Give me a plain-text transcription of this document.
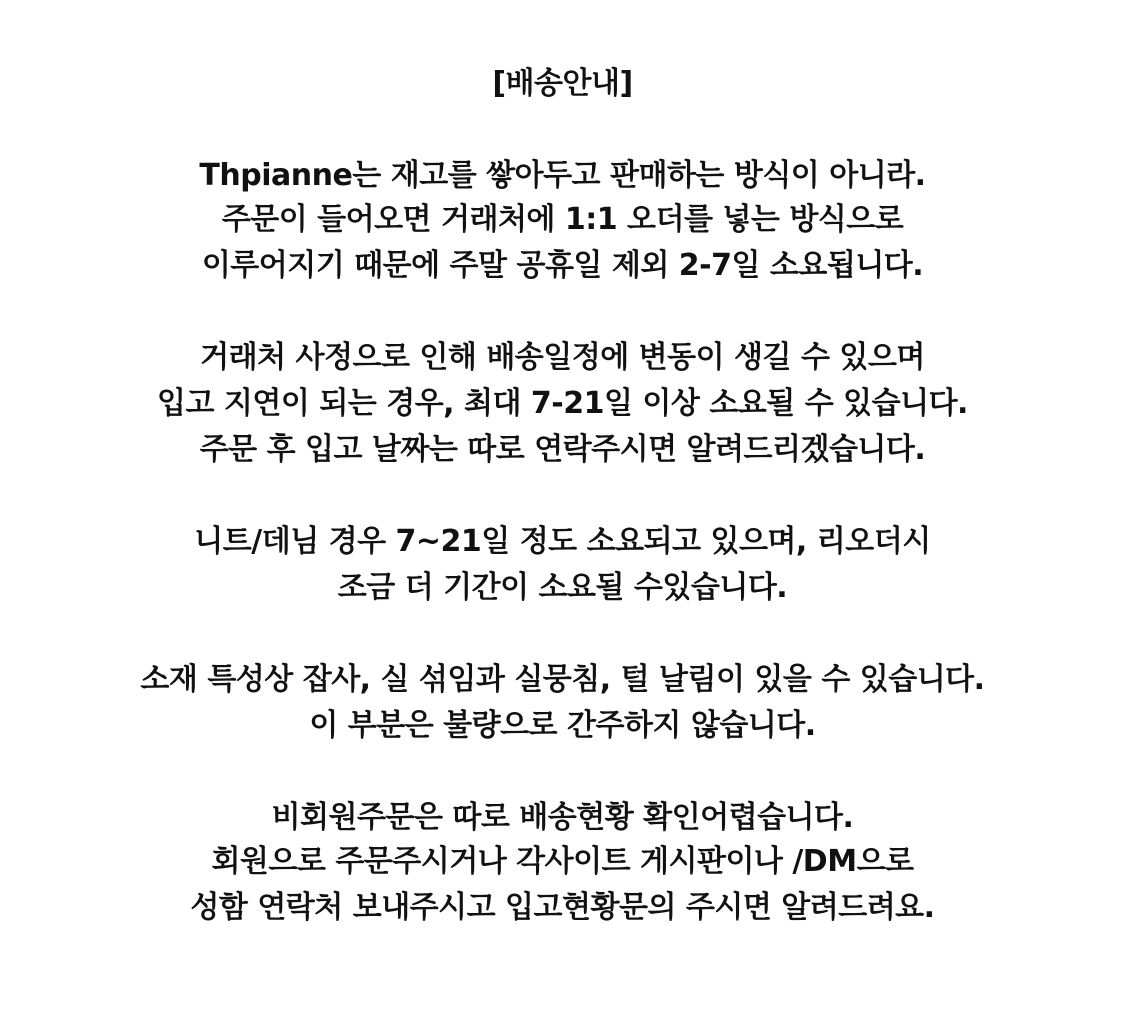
[배송안내]
Thpianne는 재고를 쌓아두고 판매하는 방식이 아니라.
주문이 들어오면 거래처에 1:1 오더를 넣는 방식으로
이루어지기 때문에 주말 공휴일 제외 2-7일 소요됩니다.
거래처 사정으로 인해 배송일정에 변동이 생길 수 있으며
입고 지연이 되는 경우, 최대 7-21일 이상 소요될 수 있습니다.
주문 후 입고 날짜는 따로 연락주시면 알려드리겠습니다.
니트/데님 경우 7~21일 정도 소요되고 있으며, 리오더시
조금 더 기간이 소요될 수있습니다.
소재 특성상 잡사, 실 섞임과 실뭉침, 털 날림이 있을 수 있습니다.
이 부분은 불량으로 간주하지 않습니다.
비회원주문은 따로 배송현황 확인어렵습니다.
회원으로 주문주시거나 각사이트 게시판이나 /DM으로
성함 연락처 보내주시고 입고현황문의 주시면 알려드려요.
